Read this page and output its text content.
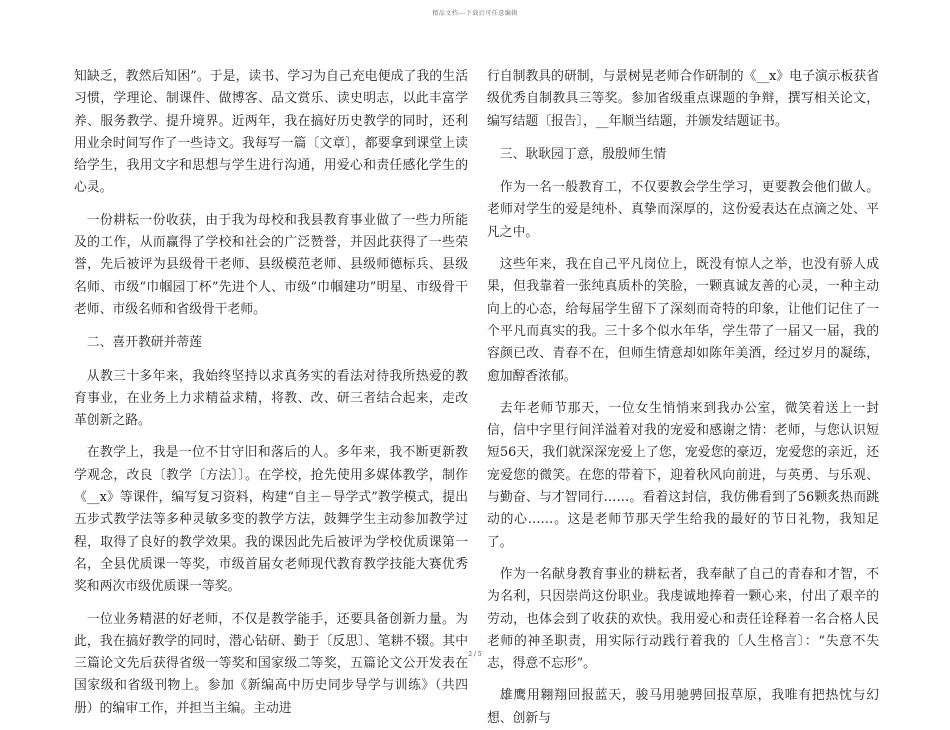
精品文档---下载后可任意编辑

知缺乏，教然后知困”。于是，读书、学习为自己充电便成了我的生活习惯，学理论、制课件、做博客、品文赏乐、读史明志，以此丰富学养、服务教学、提升境界。近两年，我在搞好历史教学的同时，还利用业余时间写作了一些诗文。我每写一篇〔文章〕，都要拿到课堂上读给学生，我用文字和思想与学生进行沟通，用爱心和责任感化学生的心灵。

一份耕耘一份收获，由于我为母校和我县教育事业做了一些力所能及的工作，从而赢得了学校和社会的广泛赞誉，并因此获得了一些荣誉，先后被评为县级骨干老师、县级模范老师、县级师德标兵、县级名师、市级“巾帼园丁杯”先进个人、市级“巾帼建功”明星、市级骨干老师、市级名师和省级骨干老师。

二、喜开教研并蒂莲

从教三十多年来，我始终坚持以求真务实的看法对待我所热爱的教育事业，在业务上力求精益求精，将教、改、研三者结合起来，走改革创新之路。

在教学上，我是一位不甘守旧和落后的人。多年来，我不断更新教学观念，改良〔教学〔方法〕〕。在学校，抢先使用多媒体教学，制作《__x》等课件，编写复习资料，构建“自主－导学式”教学模式，提出五步式教学法等多种灵敏多变的教学方法，鼓舞学生主动参加教学过程，取得了良好的教学效果。我的课因此先后被评为学校优质课第一名，全县优质课一等奖，市级首届女老师现代教育教学技能大赛优秀奖和两次市级优质课一等奖。

一位业务精湛的好老师，不仅是教学能手，还要具备创新力量。为此，我在搞好教学的同时，潜心钻研、勤于〔反思〕、笔耕不辍。其中三篇论文先后获得省级一等奖和国家级二等奖，五篇论文公开发表在国家级和省级刊物上。参加《新编高中历史同步导学与训练》（共四册）的编审工作，并担当主编。主动进

行自制教具的研制，与景树晃老师合作研制的《__x》电子演示板获省级优秀自制教具三等奖。参加省级重点课题的争辩，撰写相关论文，编写结题〔报告〕，__年顺当结题，并颁发结题证书。

三、耿耿园丁意，殷殷师生情

作为一名一般教育工，不仅要教会学生学习，更要教会他们做人。老师对学生的爱是纯朴、真挚而深厚的，这份爱表达在点滴之处、平凡之中。

这些年来，我在自己平凡岗位上，既没有惊人之举，也没有骄人成果，但我靠着一张纯真质朴的笑脸，一颗真诚友善的心灵，一种主动向上的心态，给每届学生留下了深刻而奇特的印象，让他们记住了一个平凡而真实的我。三十多个似水年华，学生带了一届又一届，我的容颜已改、青春不在，但师生情意却如陈年美酒，经过岁月的凝练，愈加醇香浓郁。

去年老师节那天，一位女生悄悄来到我办公室，微笑着送上一封信，信中字里行间洋溢着对我的宠爱和感谢之情：老师，与您认识短短56天，我们就深深宠爱上了您，宠爱您的豪迈，宠爱您的亲近，还宠爱您的微笑。在您的带着下，迎着秋风向前进，与英勇、与乐观、与勤奋、与才智同行……。看着这封信，我仿佛看到了56颗炙热而跳动的心……。这是老师节那天学生给我的最好的节日礼物，我知足了。

作为一名献身教育事业的耕耘者，我奉献了自己的青春和才智，不为名利，只因崇尚这份职业。我虔诚地捧着一颗心来，付出了艰辛的劳动，也体会到了收获的欢快。我用爱心和责任诠释着一名合格人民老师的神圣职责，用实际行动践行着我的〔人生格言〕：“失意不失志，得意不忘形”。

雄鹰用翱翔回报蓝天，骏马用驰骋回报草原，我唯有把热忱与幻想、创新与

2 / 5
